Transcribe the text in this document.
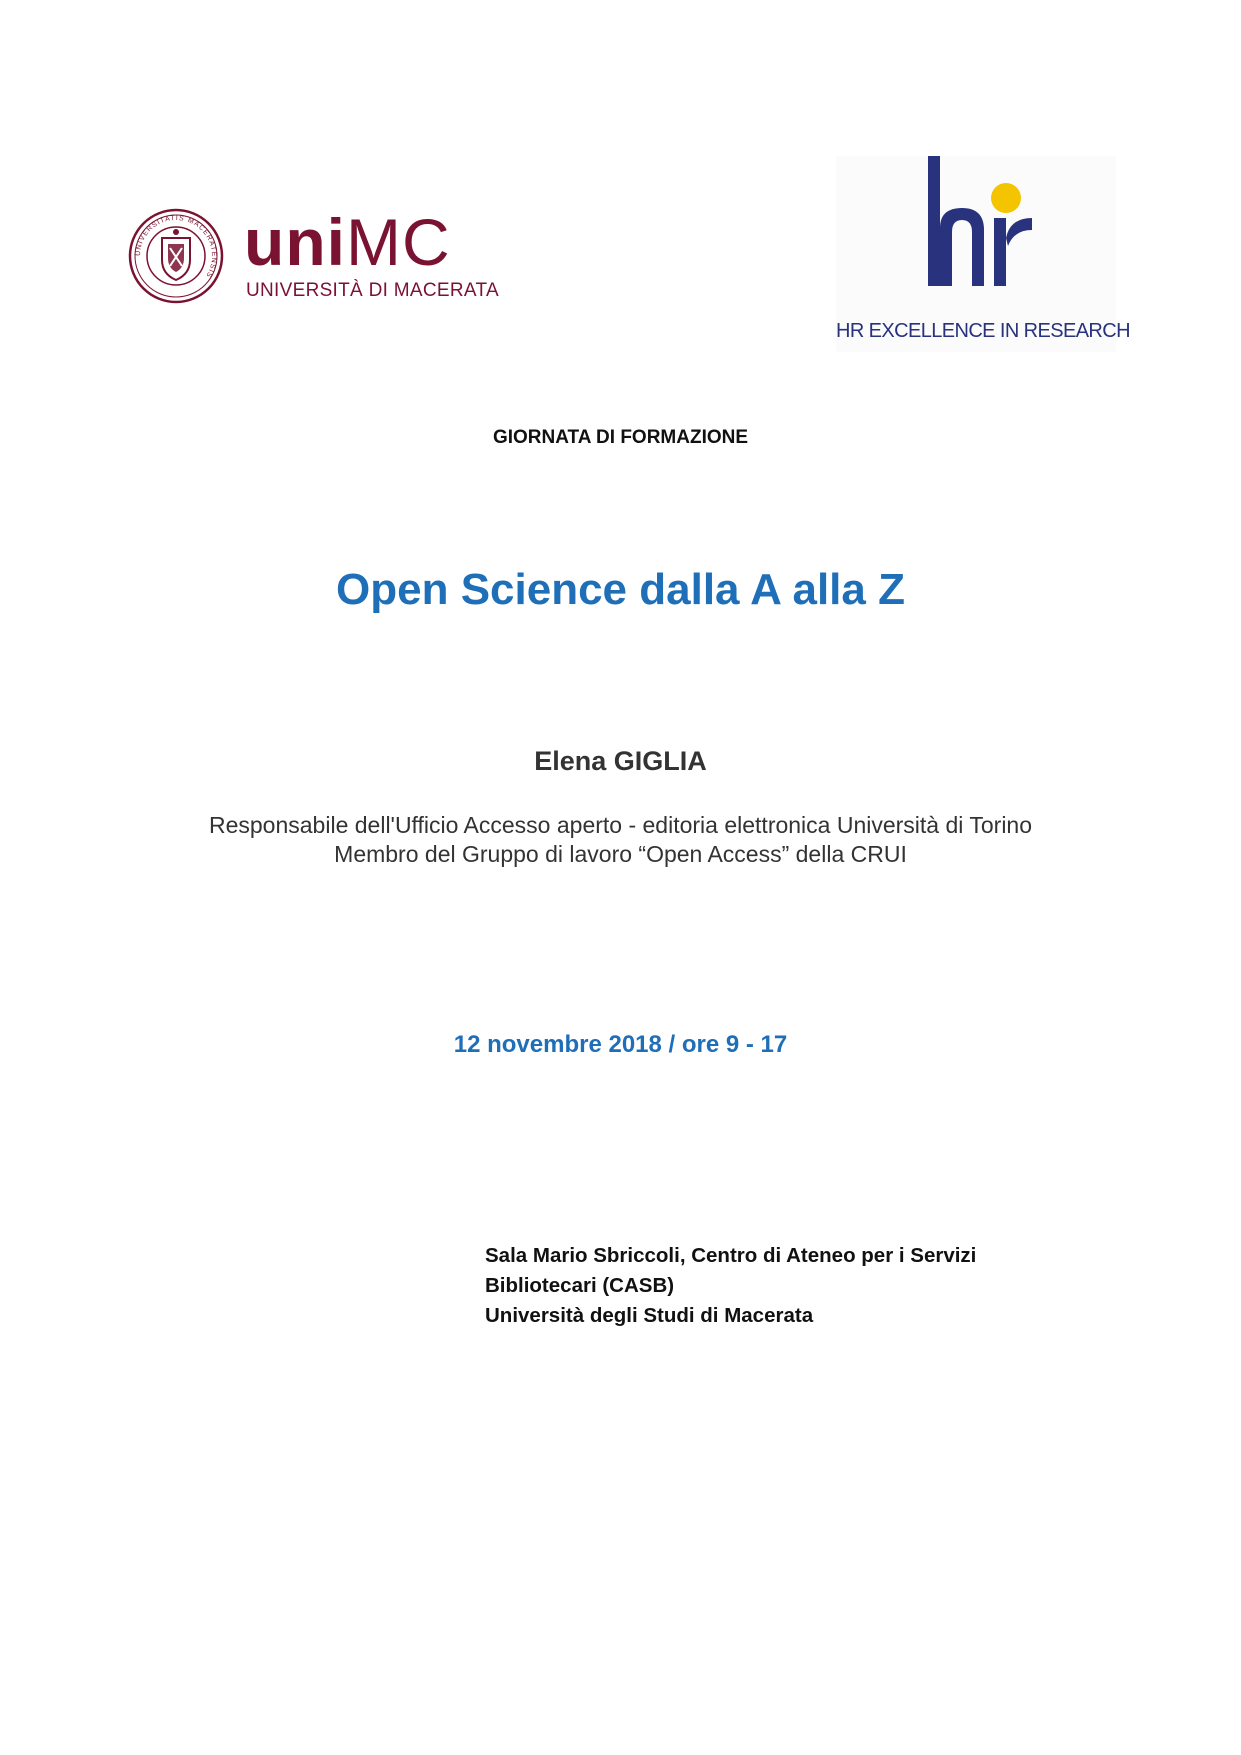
UNIVERSITATIS MACERATENSIS uniMC
UNIVERSITÀ DI MACERATA
HR EXCELLENCE IN RESEARCH
GIORNATA DI FORMAZIONE
Open Science dalla A alla Z
Elena GIGLIA
Responsabile dell'Ufficio Accesso aperto - editoria elettronica Università di Torino
Membro del Gruppo di lavoro “Open Access” della CRUI
12 novembre 2018 / ore 9 - 17
Sala Mario Sbriccoli, Centro di Ateneo per i Servizi
Bibliotecari (CASB)
Università degli Studi di Macerata
